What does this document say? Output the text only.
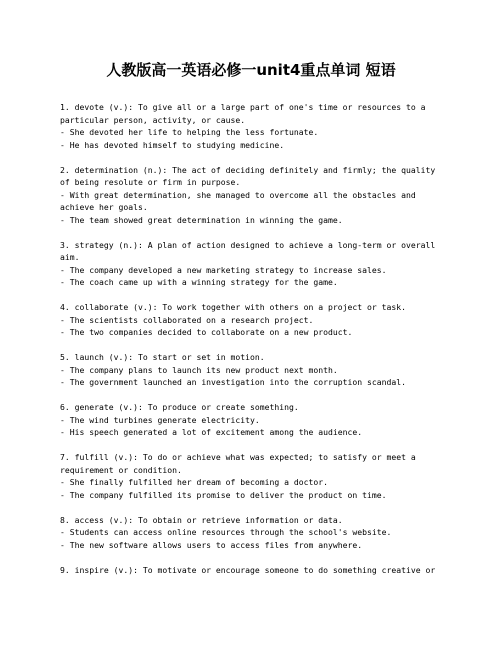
人教版高一英语必修一unit4重点单词 短语
1. devote (v.): To give all or a large part of one's time or resources to a
particular person, activity, or cause.
- She devoted her life to helping the less fortunate.
- He has devoted himself to studying medicine.
2. determination (n.): The act of deciding definitely and firmly; the quality
of being resolute or firm in purpose.
- With great determination, she managed to overcome all the obstacles and
achieve her goals.
- The team showed great determination in winning the game.
3. strategy (n.): A plan of action designed to achieve a long-term or overall
aim.
- The company developed a new marketing strategy to increase sales.
- The coach came up with a winning strategy for the game.
4. collaborate (v.): To work together with others on a project or task.
- The scientists collaborated on a research project.
- The two companies decided to collaborate on a new product.
5. launch (v.): To start or set in motion.
- The company plans to launch its new product next month.
- The government launched an investigation into the corruption scandal.
6. generate (v.): To produce or create something.
- The wind turbines generate electricity.
- His speech generated a lot of excitement among the audience.
7. fulfill (v.): To do or achieve what was expected; to satisfy or meet a
requirement or condition.
- She finally fulfilled her dream of becoming a doctor.
- The company fulfilled its promise to deliver the product on time.
8. access (v.): To obtain or retrieve information or data.
- Students can access online resources through the school's website.
- The new software allows users to access files from anywhere.
9. inspire (v.): To motivate or encourage someone to do something creative or
